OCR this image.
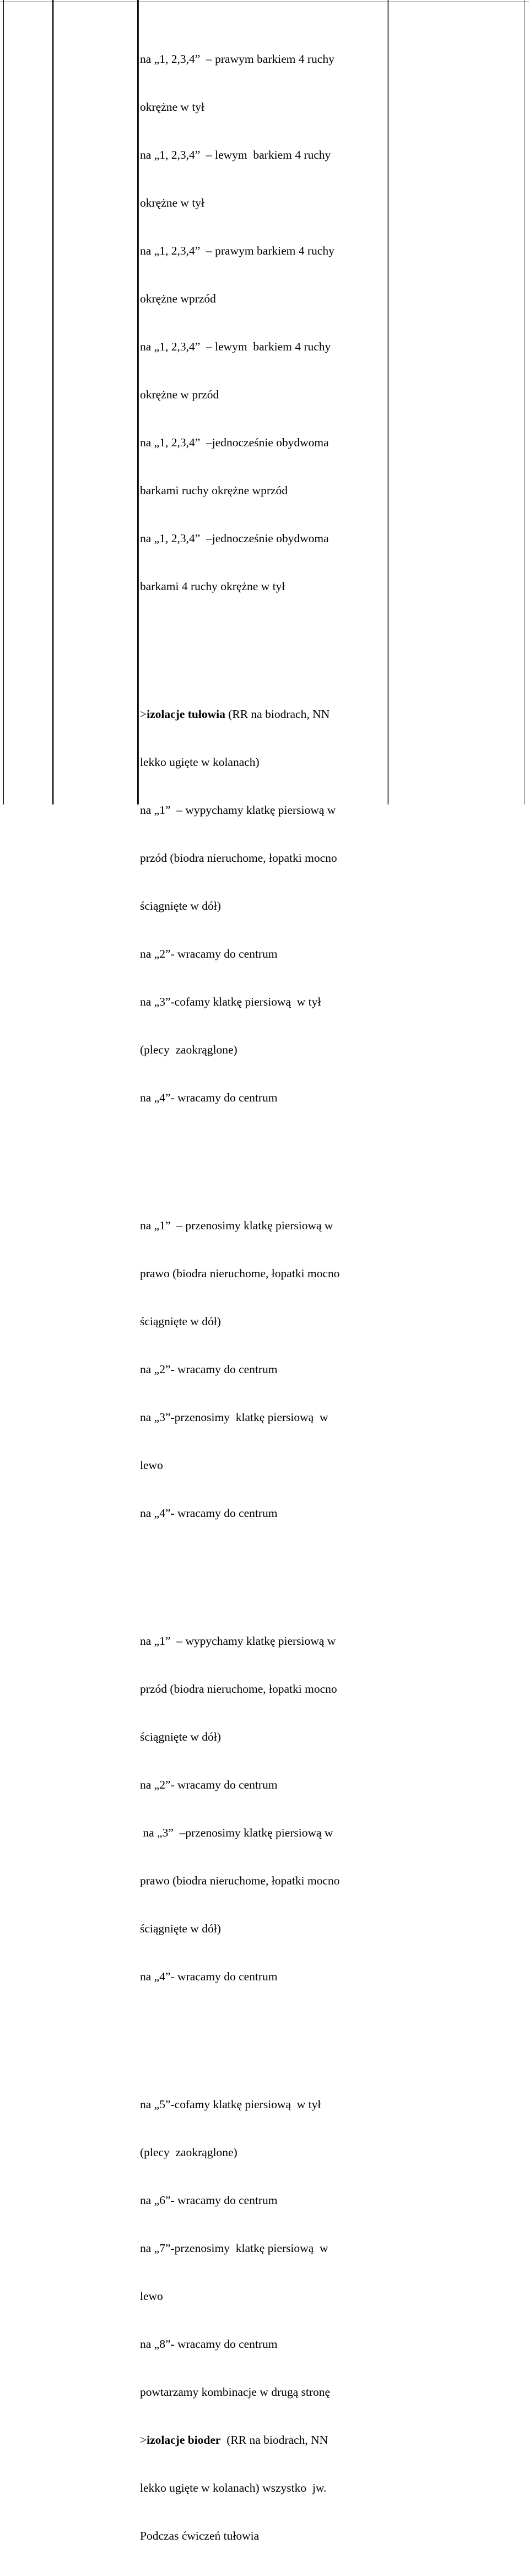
na „1, 2,3,4”  – prawym barkiem 4 ruchy

okrężne w tył

na „1, 2,3,4”  – lewym  barkiem 4 ruchy

okrężne w tył

na „1, 2,3,4”  – prawym barkiem 4 ruchy

okrężne wprzód

na „1, 2,3,4”  – lewym  barkiem 4 ruchy

okrężne w przód

na „1, 2,3,4”  –jednocześnie obydwoma

barkami ruchy okrężne wprzód

na „1, 2,3,4”  –jednocześnie obydwoma

barkami 4 ruchy okrężne w tył

>izolacje tułowia (RR na biodrach, NN

lekko ugięte w kolanach)

na „1”  – wypychamy klatkę piersiową w

przód (biodra nieruchome, łopatki mocno

ściągnięte w dół)

na „2”- wracamy do centrum

na „3”-cofamy klatkę piersiową  w tył

(plecy  zaokrąglone)

na „4”- wracamy do centrum

na „1”  – przenosimy klatkę piersiową w

prawo (biodra nieruchome, łopatki mocno

ściągnięte w dół)

na „2”- wracamy do centrum

na „3”-przenosimy  klatkę piersiową  w

lewo

na „4”- wracamy do centrum

na „1”  – wypychamy klatkę piersiową w

przód (biodra nieruchome, łopatki mocno

ściągnięte w dół)

na „2”- wracamy do centrum

na „3”  –przenosimy klatkę piersiową w

prawo (biodra nieruchome, łopatki mocno

ściągnięte w dół)

na „4”- wracamy do centrum

na „5”-cofamy klatkę piersiową  w tył

(plecy  zaokrąglone)

na „6”- wracamy do centrum

na „7”-przenosimy  klatkę piersiową  w

lewo

na „8”- wracamy do centrum

powtarzamy kombinacje w drugą stronę

>izolacje bioder  (RR na biodrach, NN

lekko ugięte w kolanach) wszystko  jw.

Podczas ćwiczeń tułowia
